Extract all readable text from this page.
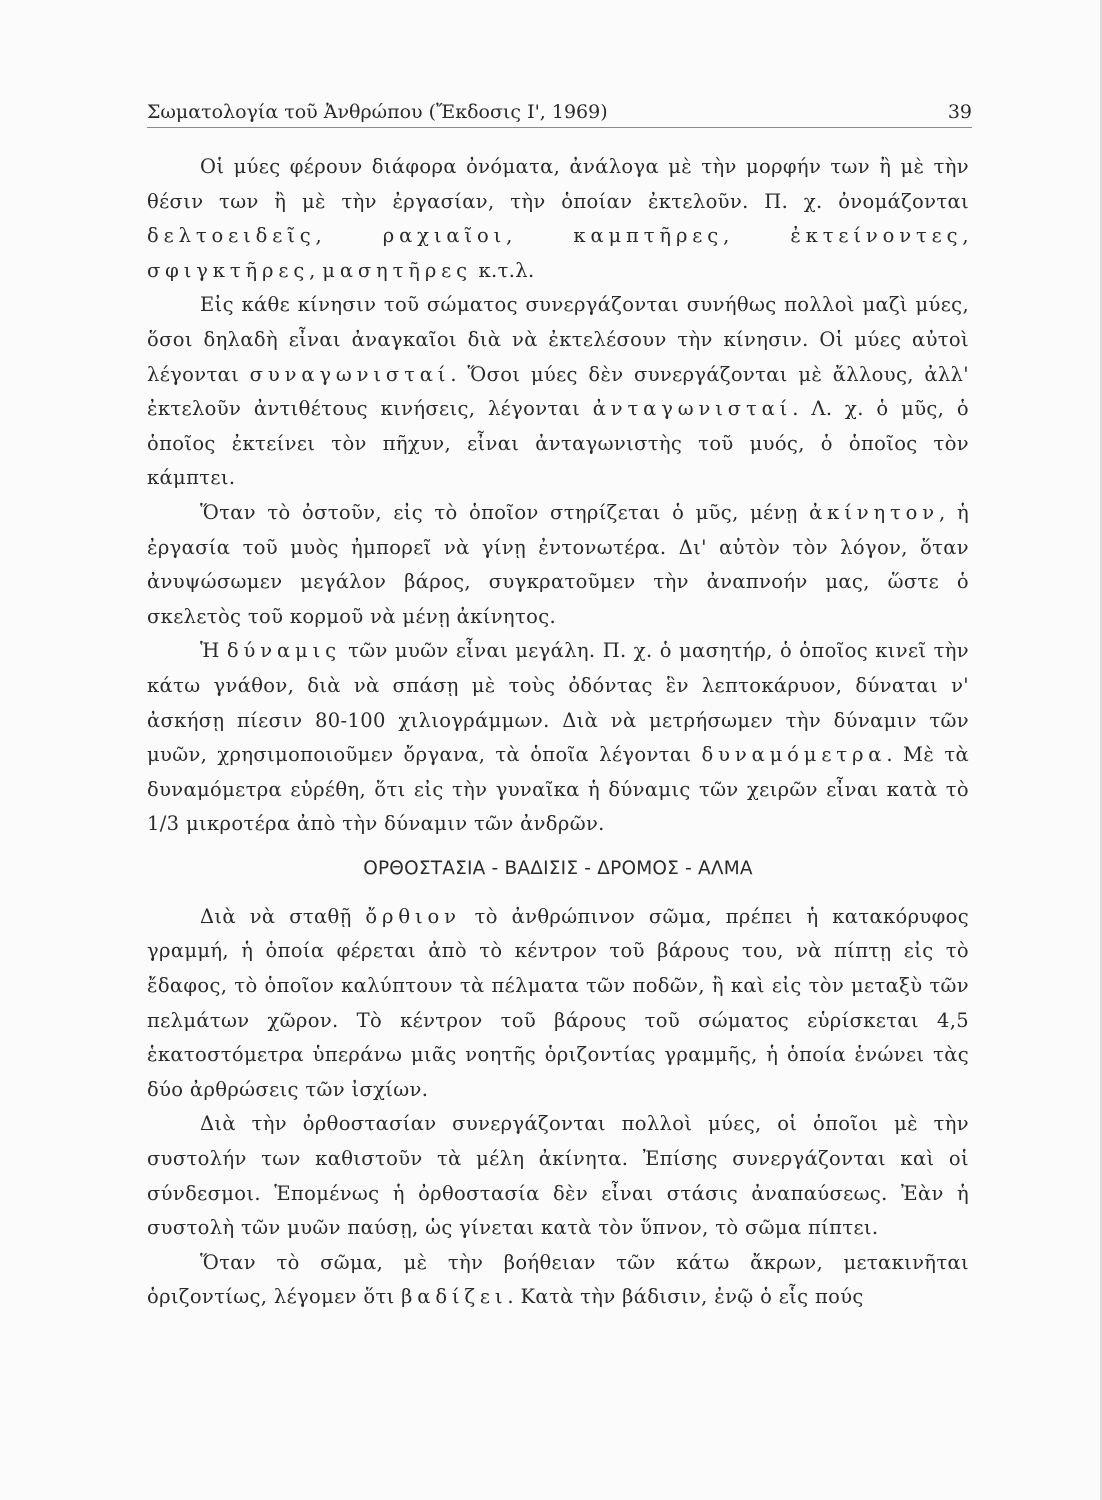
Σωματολογία τοῦ Ἀνθρώπου (Ἔκδοσις Ι', 1969)	39

Οἱ μύες φέρουν διάφορα ὀνόματα, ἀνάλογα μὲ τὴν μορφήν των ἢ μὲ τὴν θέσιν των ἢ μὲ τὴν ἐργασίαν, τὴν ὁποίαν ἐκτελοῦν. Π. χ. ὀνομάζονται δελτοειδεῖς, ραχιαῖοι, καμπτῆρες, ἐκτείνοντες, σφιγκτῆρες, μασητῆρες κ.τ.λ.

Εἰς κάθε κίνησιν τοῦ σώματος συνεργάζονται συνήθως πολλοὶ μαζὶ μύες, ὅσοι δηλαδὴ εἶναι ἀναγκαῖοι διὰ νὰ ἐκτελέσουν τὴν κίνησιν. Οἱ μύες αὐτοὶ λέγονται συναγωνισταί. Ὅσοι μύες δὲν συνεργάζονται μὲ ἄλλους, ἀλλ' ἐκτελοῦν ἀντιθέτους κινήσεις, λέγονται ἀνταγωνισταί. Λ. χ. ὁ μῦς, ὁ ὁποῖος ἐκτείνει τὸν πῆχυν, εἶναι ἀνταγωνιστὴς τοῦ μυός, ὁ ὁποῖος τὸν κάμπτει.

Ὅταν τὸ ὀστοῦν, εἰς τὸ ὁποῖον στηρίζεται ὁ μῦς, μένῃ ἀκίνητον, ἡ ἐργασία τοῦ μυὸς ἠμπορεῖ νὰ γίνῃ ἐντονωτέρα. Δι' αὐτὸν τὸν λόγον, ὅταν ἀνυψώσωμεν μεγάλον βάρος, συγκρατοῦμεν τὴν ἀναπνοήν μας, ὥστε ὁ σκελετὸς τοῦ κορμοῦ νὰ μένῃ ἀκίνητος.

Ἡ δύναμις τῶν μυῶν εἶναι μεγάλη. Π. χ. ὁ μασητήρ, ὁ ὁποῖος κινεῖ τὴν κάτω γνάθον, διὰ νὰ σπάσῃ μὲ τοὺς ὀδόντας ἓν λεπτοκάρυον, δύναται ν' ἀσκήσῃ πίεσιν 80-100 χιλιογράμμων. Διὰ νὰ μετρήσωμεν τὴν δύναμιν τῶν μυῶν, χρησιμοποιοῦμεν ὄργανα, τὰ ὁποῖα λέγονται δυναμόμετρα. Μὲ τὰ δυναμόμετρα εὑρέθη, ὅτι εἰς τὴν γυναῖκα ἡ δύναμις τῶν χειρῶν εἶναι κατὰ τὸ 1/3 μικροτέρα ἀπὸ τὴν δύναμιν τῶν ἀνδρῶν.

ΟΡΘΟΣΤΑΣΙΑ - ΒΑΔΙΣΙΣ - ΔΡΟΜΟΣ - ΑΛΜΑ

Διὰ νὰ σταθῇ ὄρθιον τὸ ἀνθρώπινον σῶμα, πρέπει ἡ κατακόρυφος γραμμή, ἡ ὁποία φέρεται ἀπὸ τὸ κέντρον τοῦ βάρους του, νὰ πίπτῃ εἰς τὸ ἔδαφος, τὸ ὁποῖον καλύπτουν τὰ πέλματα τῶν ποδῶν, ἢ καὶ εἰς τὸν μεταξὺ τῶν πελμάτων χῶρον. Τὸ κέντρον τοῦ βάρους τοῦ σώματος εὑρίσκεται 4,5 ἑκατοστόμετρα ὑπεράνω μιᾶς νοητῆς ὁριζοντίας γραμμῆς, ἡ ὁποία ἑνώνει τὰς δύο ἀρθρώσεις τῶν ἰσχίων.

Διὰ τὴν ὀρθοστασίαν συνεργάζονται πολλοὶ μύες, οἱ ὁποῖοι μὲ τὴν συστολήν των καθιστοῦν τὰ μέλη ἀκίνητα. Ἐπίσης συνεργάζονται καὶ οἱ σύνδεσμοι. Ἑπομένως ἡ ὀρθοστασία δὲν εἶναι στάσις ἀναπαύσεως. Ἐὰν ἡ συστολὴ τῶν μυῶν παύσῃ, ὡς γίνεται κατὰ τὸν ὕπνον, τὸ σῶμα πίπτει.

Ὅταν τὸ σῶμα, μὲ τὴν βοήθειαν τῶν κάτω ἄκρων, μετακινῆται ὁριζοντίως, λέγομεν ὅτι βαδίζει. Κατὰ τὴν βάδισιν, ἐνῷ ὁ εἷς πούς
